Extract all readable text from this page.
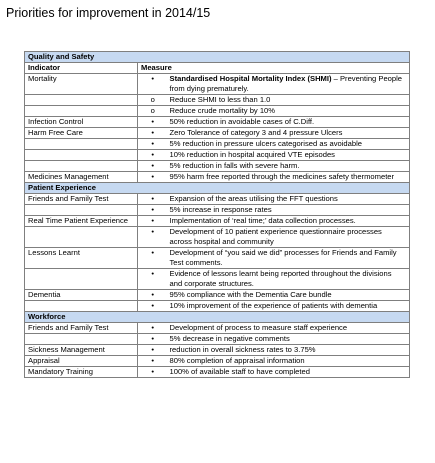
Priorities for improvement in 2014/15
Quality and Safety		
Indicator	Measure	
Mortality	•	Standardised Hospital Mortality Index (SHMI) – Preventing People from dying prematurely.
	o	Reduce SHMI to less than 1.0
	o	Reduce crude mortality by 10%
Infection Control	•	50% reduction in avoidable cases of C.Diff.
Harm Free Care	•	Zero Tolerance of category 3 and 4 pressure Ulcers
	•	5% reduction in pressure ulcers categorised as avoidable
	•	10% reduction in hospital acquired VTE episodes
	•	5% reduction in falls with severe harm.
Medicines Management	•	95% harm free reported through the medicines safety thermometer
Patient Experience		
Friends and Family Test	•	Expansion of the areas utilising the FFT questions
	•	5% increase in response rates
Real Time Patient Experience	•	Implementation of ‘real time;’ data collection processes.
	•	Development of 10 patient experience questionnaire processes across hospital and community
Lessons Learnt	•	Development of “you said we did” processes for Friends and Family Test comments.
	•	Evidence of lessons learnt being reported throughout the divisions and corporate structures.
Dementia	•	95% compliance with the Dementia Care bundle
	•	10% improvement of the experience of patients with dementia
Workforce		
Friends and Family Test	•	Development of process to measure staff experience
	•	5% decrease in negative comments
Sickness Management	•	reduction in overall sickness rates to 3.75%
Appraisal	•	80% completion of appraisal information
Mandatory Training	•	100% of available staff to have completed
